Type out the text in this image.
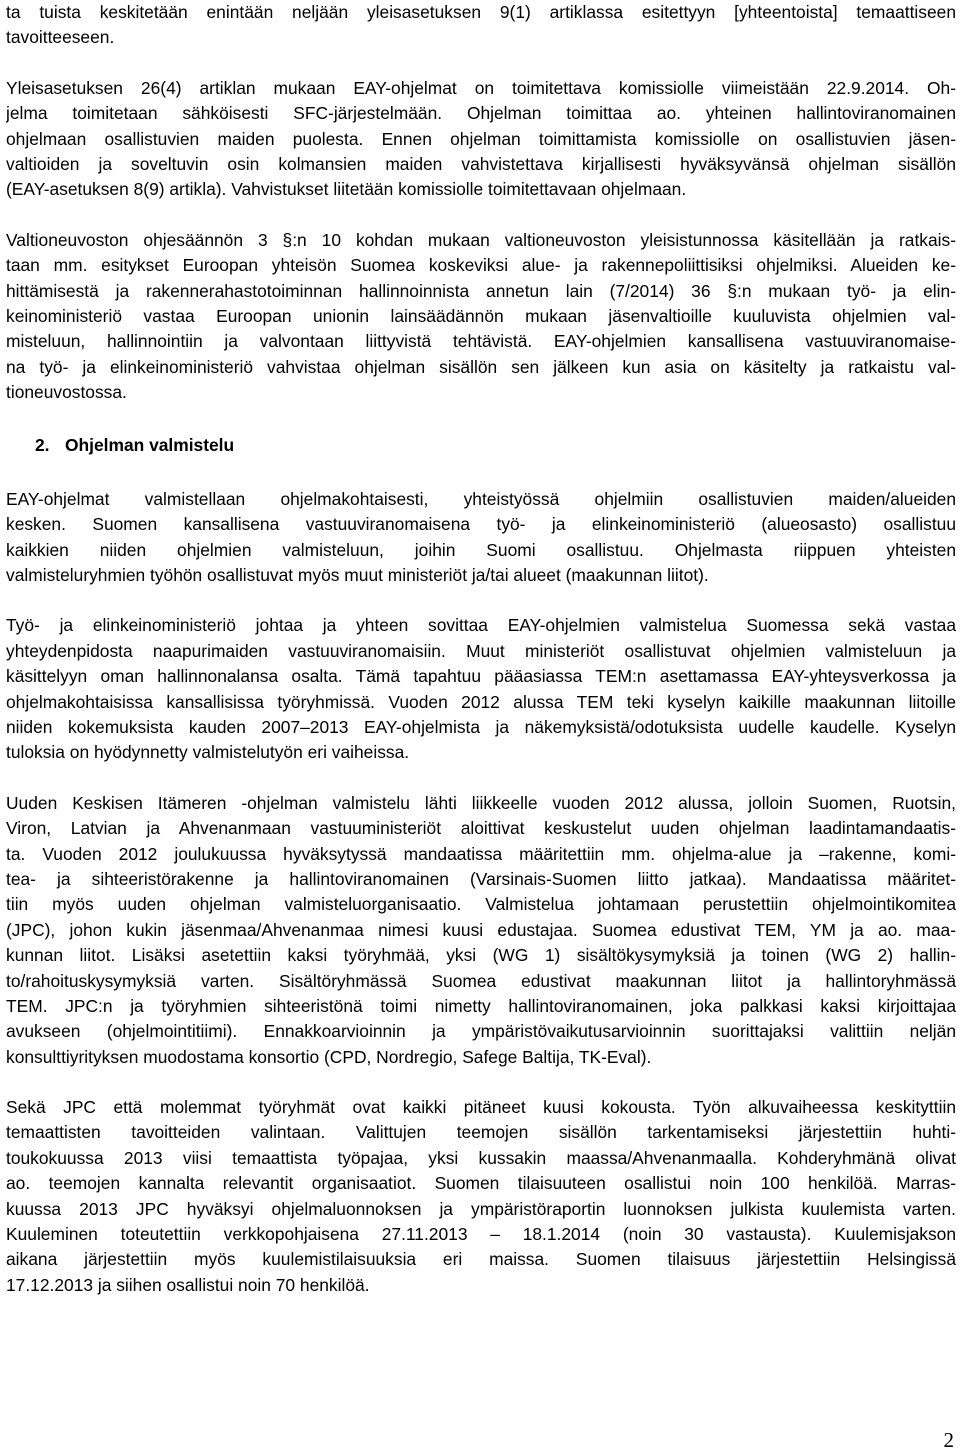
ta tuista keskitetään enintään neljään yleisasetuksen 9(1) artiklassa esitettyyn [yhteentoista] temaattiseen
tavoitteeseen.
Yleisasetuksen 26(4) artiklan mukaan EAY-ohjelmat on toimitettava komissiolle viimeistään 22.9.2014. Oh-
jelma toimitetaan sähköisesti SFC-järjestelmään. Ohjelman toimittaa ao. yhteinen hallintoviranomainen
ohjelmaan osallistuvien maiden puolesta. Ennen ohjelman toimittamista komissiolle on osallistuvien jäsen-
valtioiden ja soveltuvin osin kolmansien maiden vahvistettava kirjallisesti hyväksyvänsä ohjelman sisällön
(EAY-asetuksen 8(9) artikla). Vahvistukset liitetään komissiolle toimitettavaan ohjelmaan.
Valtioneuvoston ohjesäännön 3 §:n 10 kohdan mukaan valtioneuvoston yleisistunnossa käsitellään ja ratkais-
taan mm. esitykset Euroopan yhteisön Suomea koskeviksi alue- ja rakennepoliittisiksi ohjelmiksi. Alueiden ke-
hittämisestä ja rakennerahastotoiminnan hallinnoinnista annetun lain (7/2014) 36 §:n mukaan työ- ja elin-
keinoministeriö vastaa Euroopan unionin lainsäädännön mukaan jäsenvaltioille kuuluvista ohjelmien val-
misteluun, hallinnointiin ja valvontaan liittyvistä tehtävistä. EAY-ohjelmien kansallisena vastuuviranomaise-
na työ- ja elinkeinoministeriö vahvistaa ohjelman sisällön sen jälkeen kun asia on käsitelty ja ratkaistu val-
tioneuvostossa.
2. Ohjelman valmistelu
EAY-ohjelmat valmistellaan ohjelmakohtaisesti, yhteistyössä ohjelmiin osallistuvien maiden/alueiden
kesken. Suomen kansallisena vastuuviranomaisena työ- ja elinkeinoministeriö (alueosasto) osallistuu
kaikkien niiden ohjelmien valmisteluun, joihin Suomi osallistuu. Ohjelmasta riippuen yhteisten
valmisteluryhmien työhön osallistuvat myös muut ministeriöt ja/tai alueet (maakunnan liitot).
Työ- ja elinkeinoministeriö johtaa ja yhteen sovittaa EAY-ohjelmien valmistelua Suomessa sekä vastaa
yhteydenpidosta naapurimaiden vastuuviranomaisiin. Muut ministeriöt osallistuvat ohjelmien valmisteluun ja
käsittelyyn oman hallinnonalansa osalta. Tämä tapahtuu pääasiassa TEM:n asettamassa EAY-yhteysverkossa ja
ohjelmakohtaisissa kansallisissa työryhmissä. Vuoden 2012 alussa TEM teki kyselyn kaikille maakunnan liitoille
niiden kokemuksista kauden 2007–2013 EAY-ohjelmista ja näkemyksistä/odotuksista uudelle kaudelle. Kyselyn
tuloksia on hyödynnetty valmistelutyön eri vaiheissa.
Uuden Keskisen Itämeren -ohjelman valmistelu lähti liikkeelle vuoden 2012 alussa, jolloin Suomen, Ruotsin,
Viron, Latvian ja Ahvenanmaan vastuuministeriöt aloittivat keskustelut uuden ohjelman laadintamandaatis-
ta. Vuoden 2012 joulukuussa hyväksytyssä mandaatissa määritettiin mm. ohjelma-alue ja –rakenne, komi-
tea- ja sihteeristörakenne ja hallintoviranomainen (Varsinais-Suomen liitto jatkaa). Mandaatissa määritet-
tiin myös uuden ohjelman valmisteluorganisaatio. Valmistelua johtamaan perustettiin ohjelmointikomitea
(JPC), johon kukin jäsenmaa/Ahvenanmaa nimesi kuusi edustajaa. Suomea edustivat TEM, YM ja ao. maa-
kunnan liitot. Lisäksi asetettiin kaksi työryhmää, yksi (WG 1) sisältökysymyksiä ja toinen (WG 2) hallin-
to/rahoituskysymyksiä varten. Sisältöryhmässä Suomea edustivat maakunnan liitot ja hallintoryhmässä
TEM. JPC:n ja työryhmien sihteeristönä toimi nimetty hallintoviranomainen, joka palkkasi kaksi kirjoittajaa
avukseen (ohjelmointitiimi). Ennakkoarvioinnin ja ympäristövaikutusarvioinnin suorittajaksi valittiin neljän
konsulttiyrityksen muodostama konsortio (CPD, Nordregio, Safege Baltija, TK-Eval).
Sekä JPC että molemmat työryhmät ovat kaikki pitäneet kuusi kokousta. Työn alkuvaiheessa keskityttiin
temaattisten tavoitteiden valintaan. Valittujen teemojen sisällön tarkentamiseksi järjestettiin huhti-
toukokuussa 2013 viisi temaattista työpajaa, yksi kussakin maassa/Ahvenanmaalla. Kohderyhmänä olivat
ao. teemojen kannalta relevantit organisaatiot. Suomen tilaisuuteen osallistui noin 100 henkilöä. Marras-
kuussa 2013 JPC hyväksyi ohjelmaluonnoksen ja ympäristöraportin luonnoksen julkista kuulemista varten.
Kuuleminen toteutettiin verkkopohjaisena 27.11.2013 – 18.1.2014 (noin 30 vastausta). Kuulemisjakson
aikana järjestettiin myös kuulemistilaisuuksia eri maissa. Suomen tilaisuus järjestettiin Helsingissä
17.12.2013 ja siihen osallistui noin 70 henkilöä.
2
